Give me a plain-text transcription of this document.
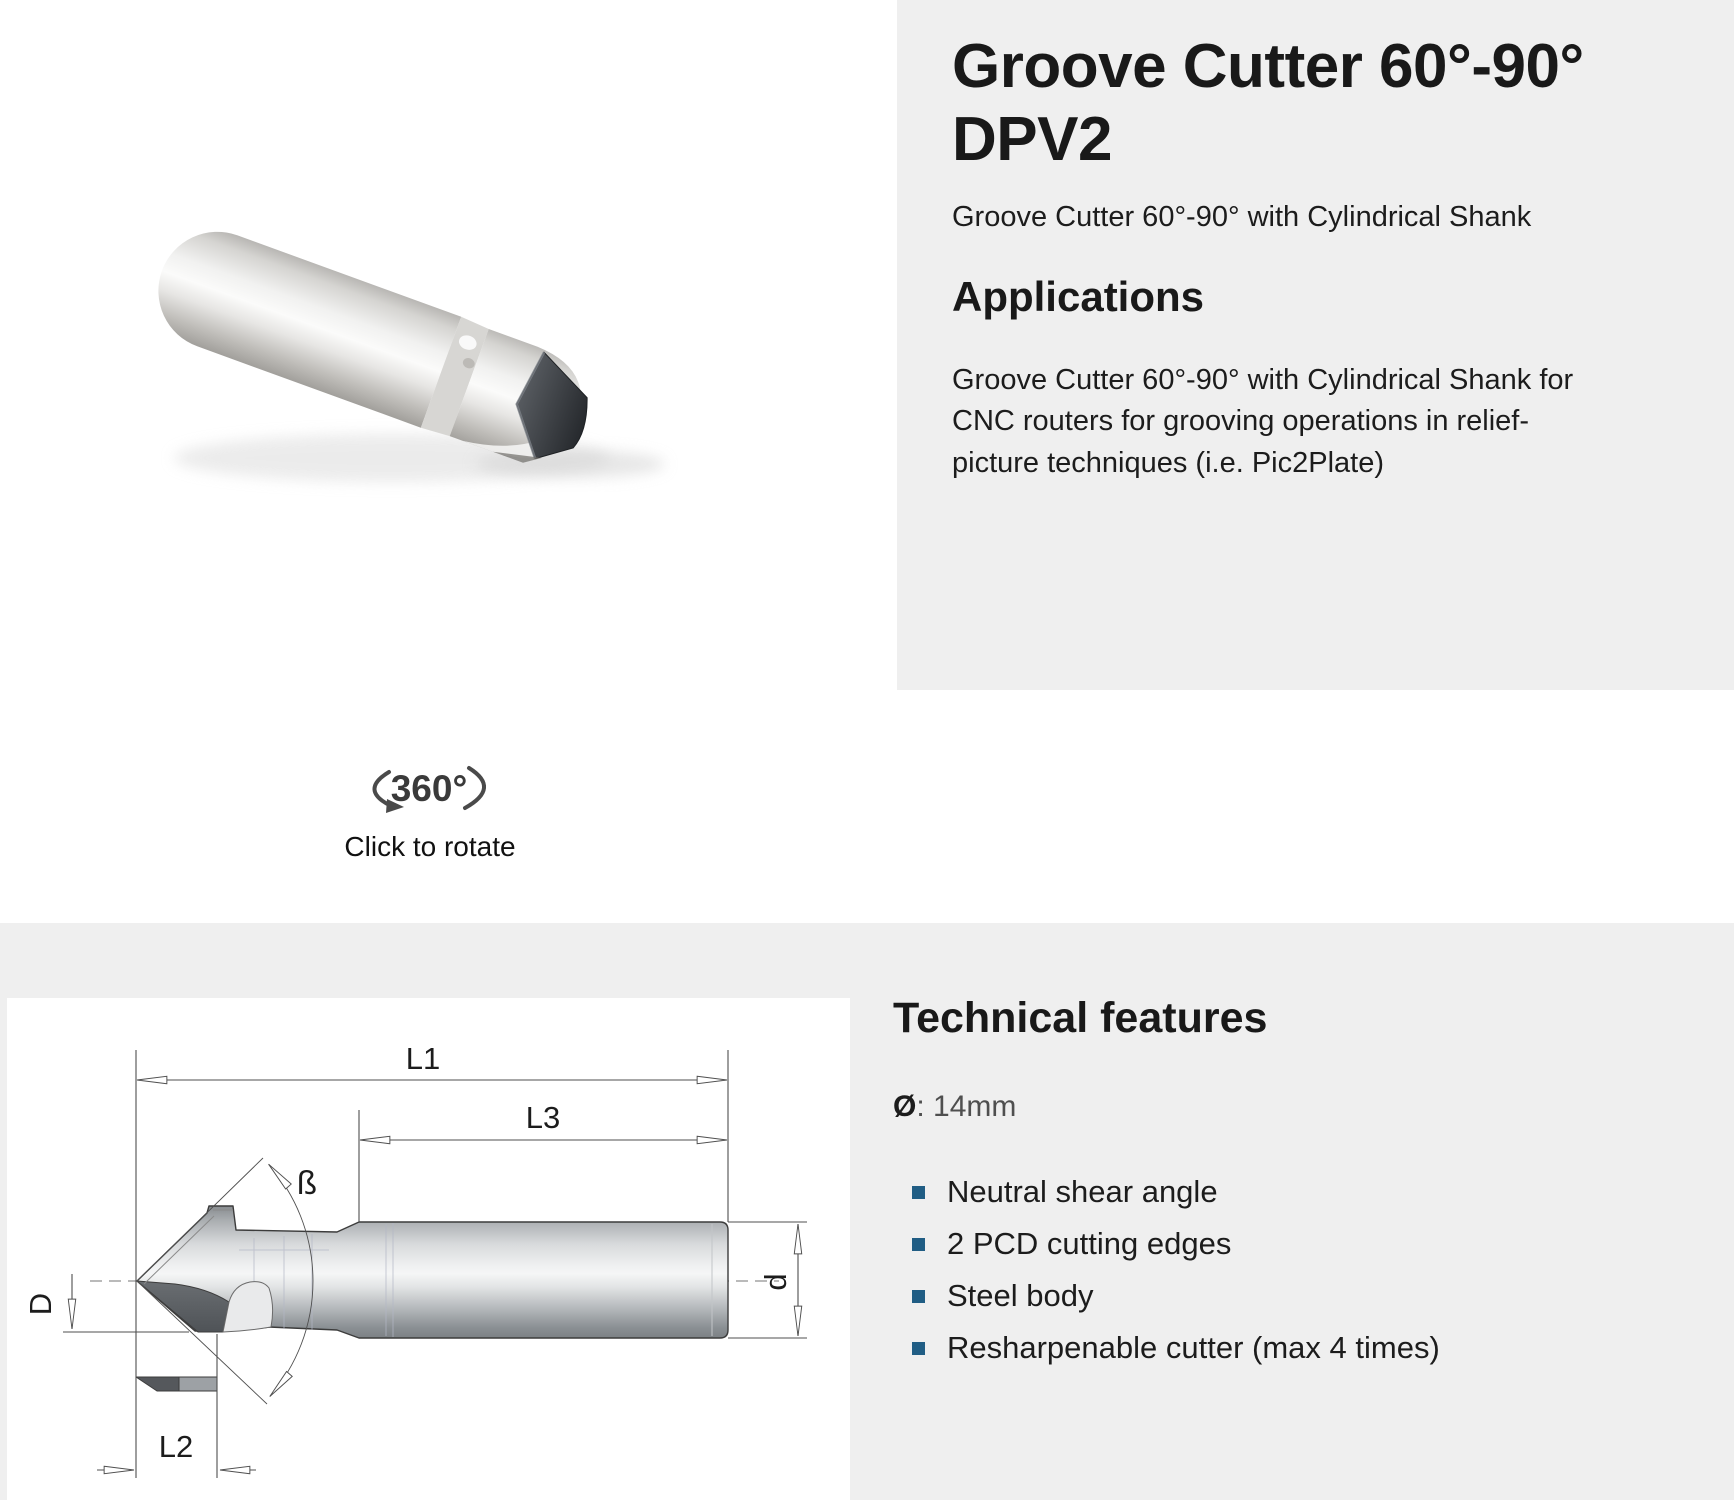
360°
Click to rotate
Groove Cutter 60°-90°
DPV2

Groove Cutter 60°-90° with Cylindrical Shank

Applications

Groove Cutter 60°-90° with Cylindrical Shank for CNC routers for grooving operations in relief-picture techniques (i.e. Pic2Plate)

L1
L3
ß
D
L2
d
Technical features
Ø: 14mm
Neutral shear angle
2 PCD cutting edges
Steel body
Resharpenable cutter (max 4 times)
